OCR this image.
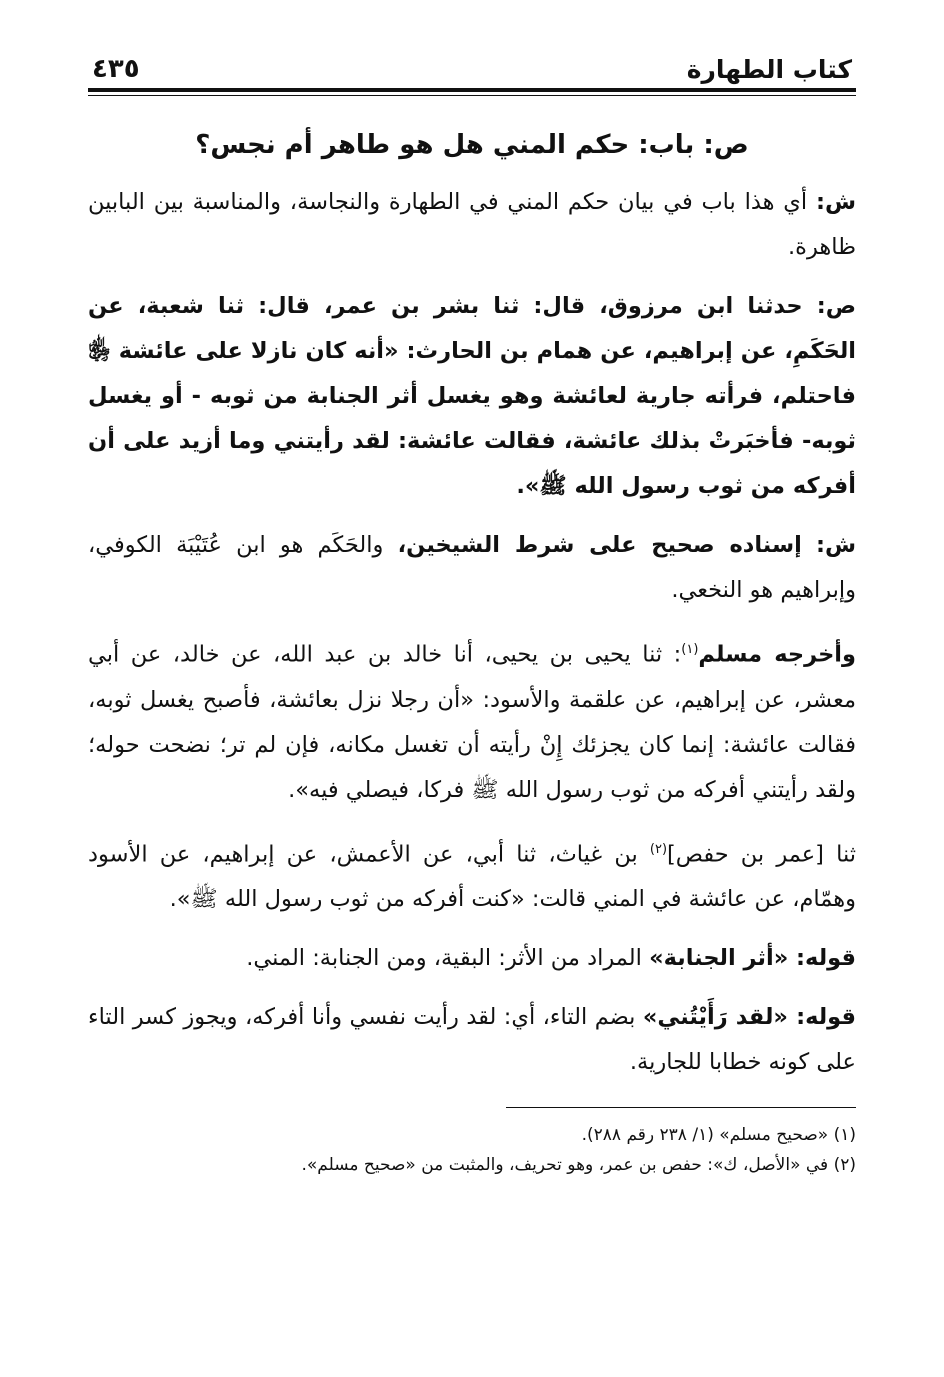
كتاب الطهارة
٤٣٥
ص: باب: حكم المني هل هو طاهر أم نجس؟

ش: أي هذا باب في بيان حكم المني في الطهارة والنجاسة، والمناسبة بين البابين ظاهرة.

ص: حدثنا ابن مرزوق، قال: ثنا بشر بن عمر، قال: ثنا شعبة، عن الحَكَمِ، عن إبراهيم، عن همام بن الحارث: «أنه كان نازلا على عائشة ﵂ فاحتلم، فرأته جارية لعائشة وهو يغسل أثر الجنابة من ثوبه - أو يغسل ثوبه- فأخبَرتْ بذلك عائشة، فقالت عائشة: لقد رأيتني وما أزيد على أن أفركه من ثوب رسول الله ﷺ».

ش: إسناده صحيح على شرط الشيخين، والحَكَم هو ابن عُتَيْبَة الكوفي، وإبراهيم هو النخعي.

وأخرجه مسلم$^{(١)}$: ثنا يحيى بن يحيى، أنا خالد بن عبد الله، عن خالد، عن أبي معشر، عن إبراهيم، عن علقمة والأسود: «أن رجلا نزل بعائشة، فأصبح يغسل ثوبه، فقالت عائشة: إنما كان يجزئك إِنْ رأيته أن تغسل مكانه، فإن لم تر؛ نضحت حوله؛ ولقد رأيتني أفركه من ثوب رسول الله ﷺ فركا، فيصلي فيه».

ثنا [عمر بن حفص]$^{(٢)}$ بن غياث، ثنا أبي، عن الأعمش، عن إبراهيم، عن الأسود وهمّام، عن عائشة في المني قالت: «كنت أفركه من ثوب رسول الله ﷺ».

قوله: «أثر الجنابة» المراد من الأثر: البقية، ومن الجنابة: المني.

قوله: «لقد رَأَيْتُني» بضم التاء، أي: لقد رأيت نفسي وأنا أفركه، ويجوز كسر التاء على كونه خطابا للجارية.

(١) «صحيح مسلم» (١/ ٢٣٨ رقم ٢٨٨).

(٢) في «الأصل، ك»: حفص بن عمر، وهو تحريف، والمثبت من «صحيح مسلم».
